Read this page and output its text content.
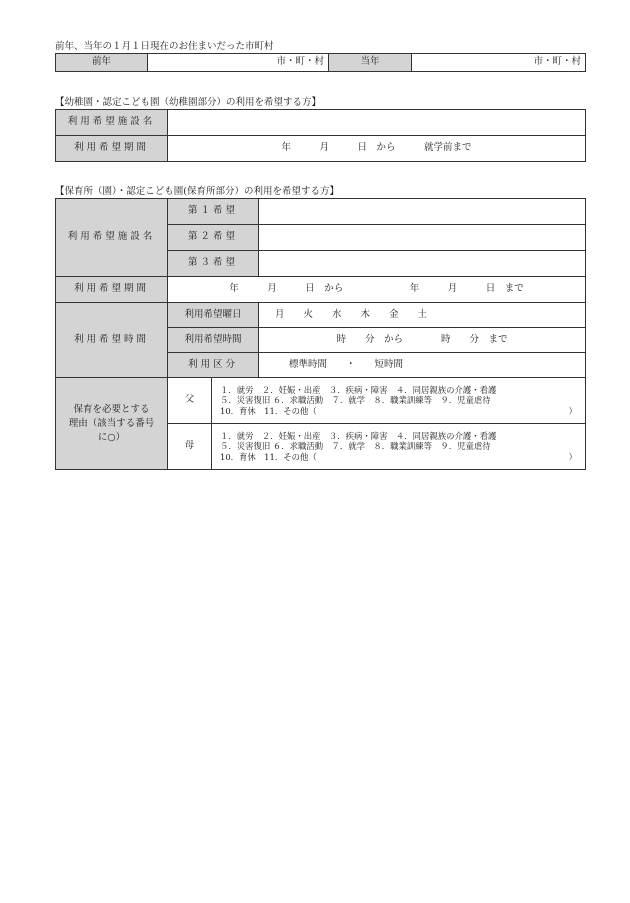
前年、当年の１月１日現在のお住まいだった市町村
前年	市・町・村	当年	市・町・村
【幼稚園・認定こども園（幼稚園部分）の利用を希望する方】
利用希望施設名	
利用希望期間	年　　　月　　　日　から　　　就学前まで
【保育所（園）・認定こども園(保育所部分）の利用を希望する方】
利用希望施設名	第１希望		
	第２希望		
	第３希望		
利用希望期間	年　　　月　　　日　から　　　　　　　年　　　月　　　日　まで		
利用希望時間	利用希望曜日		月　　火　　水　　木　　金　　土
	利用希望時間		時　　分　から　　　　時　　分　まで
	利用区分		標準時間　　・　　短時間

保育を必要とする
理由（該当する番号
に○）	父	１．就労　２．妊娠・出産　３．疾病・障害　４．同居親族の介護・看護
５．災害復旧 ６．求職活動　７．就学　８．職業訓練等　９．児童虐待
10．育休　11．その他（ ）	

	母	１．就労　２．妊娠・出産　３．疾病・障害　４．同居親族の介護・看護
５．災害復旧 ６．求職活動　７．就学　８．職業訓練等　９．児童虐待
10．育休　11．その他（ ）	
